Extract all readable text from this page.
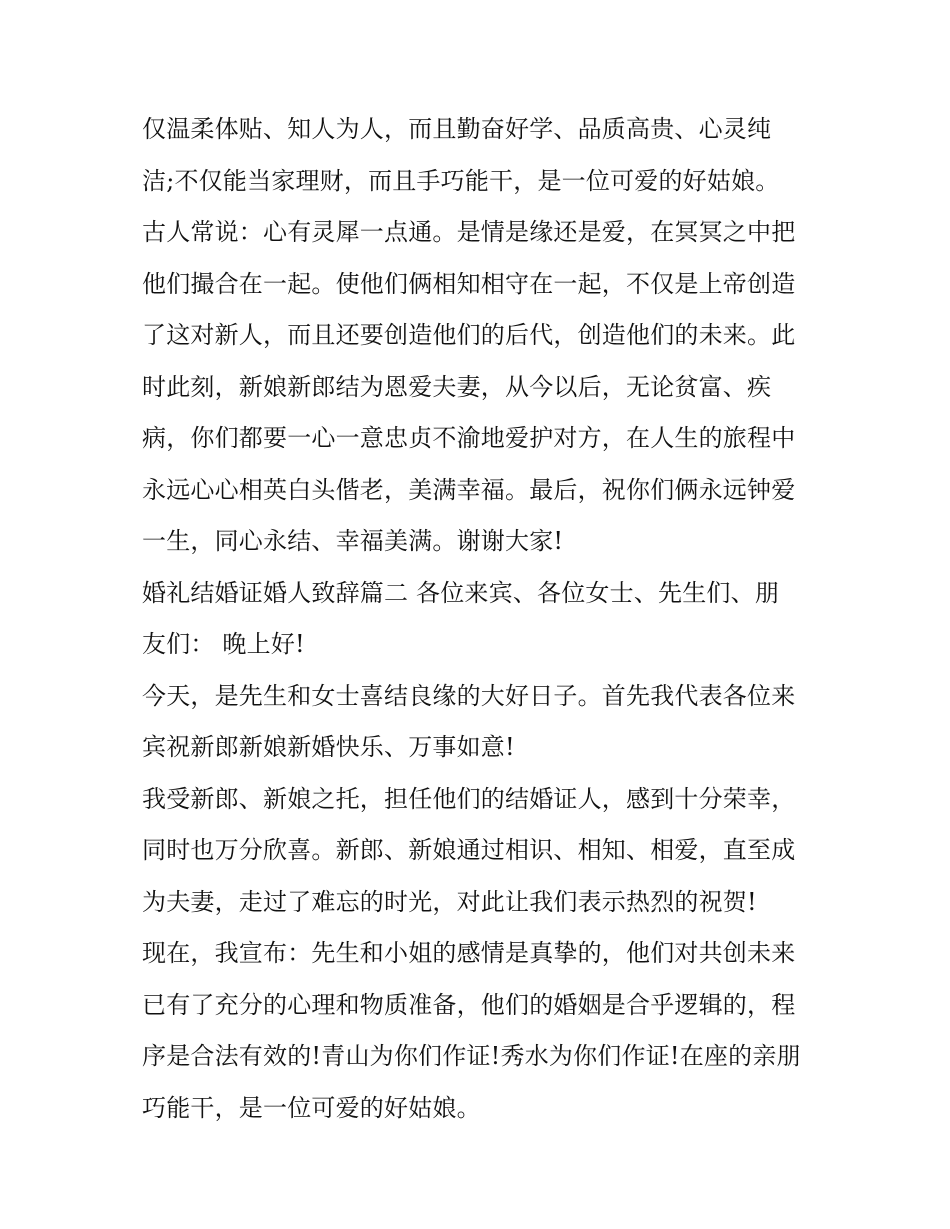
仅温柔体贴、知人为人，而且勤奋好学、品质高贵、心灵纯
洁;不仅能当家理财，而且手巧能干，是一位可爱的好姑娘。
古人常说：心有灵犀一点通。是情是缘还是爱，在冥冥之中把
他们撮合在一起。使他们俩相知相守在一起，不仅是上帝创造
了这对新人，而且还要创造他们的后代，创造他们的未来。此
时此刻，新娘新郎结为恩爱夫妻，从今以后，无论贫富、疾
病，你们都要一心一意忠贞不渝地爱护对方，在人生的旅程中
永远心心相英白头偕老，美满幸福。最后，祝你们俩永远钟爱
一生，同心永结、幸福美满。谢谢大家!
婚礼结婚证婚人致辞篇二 各位来宾、各位女士、先生们、朋
友们： 晚上好!
今天，是先生和女士喜结良缘的大好日子。首先我代表各位来
宾祝新郎新娘新婚快乐、万事如意!
我受新郎、新娘之托，担任他们的结婚证人，感到十分荣幸，
同时也万分欣喜。新郎、新娘通过相识、相知、相爱，直至成
为夫妻，走过了难忘的时光，对此让我们表示热烈的祝贺!
现在，我宣布：先生和小姐的感情是真挚的，他们对共创未来
已有了充分的心理和物质准备，他们的婚姻是合乎逻辑的，程
序是合法有效的!青山为你们作证!秀水为你们作证!在座的亲朋
巧能干，是一位可爱的好姑娘。
